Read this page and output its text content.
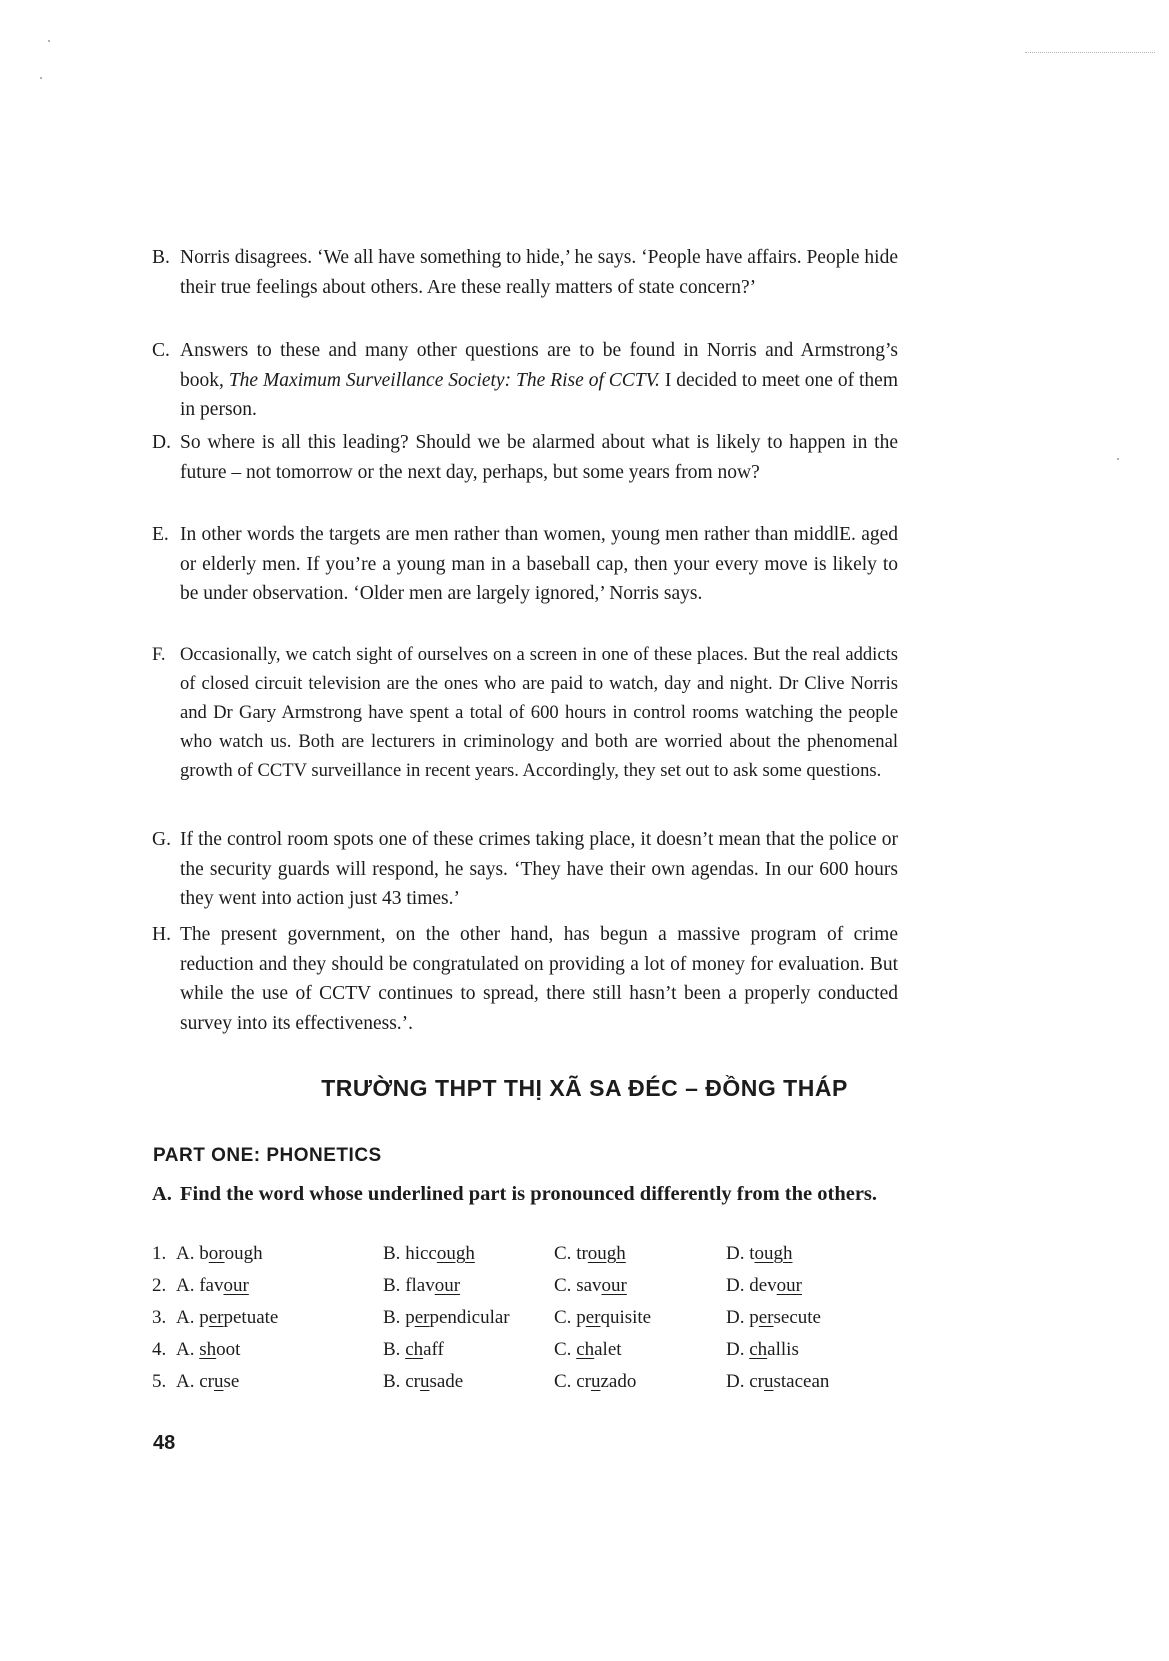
B. Norris disagrees. ‘We all have something to hide,’ he says. ‘People have affairs. People hide their true feelings about others. Are these really matters of state concern?’
C. Answers to these and many other questions are to be found in Norris and Armstrong’s book, The Maximum Surveillance Society: The Rise of CCTV. I decided to meet one of them in person.
D. So where is all this leading? Should we be alarmed about what is likely to happen in the future – not tomorrow or the next day, perhaps, but some years from now?
E. In other words the targets are men rather than women, young men rather than middlE. aged or elderly men. If you’re a young man in a baseball cap, then your every move is likely to be under observation. ‘Older men are largely ignored,’ Norris says.
F. Occasionally, we catch sight of ourselves on a screen in one of these places. But the real addicts of closed circuit television are the ones who are paid to watch, day and night. Dr Clive Norris and Dr Gary Armstrong have spent a total of 600 hours in control rooms watching the people who watch us. Both are lecturers in criminology and both are worried about the phenomenal growth of CCTV surveillance in recent years. Accordingly, they set out to ask some questions.
G. If the control room spots one of these crimes taking place, it doesn’t mean that the police or the security guards will respond, he says. ‘They have their own agendas. In our 600 hours they went into action just 43 times.’
H. The present government, on the other hand, has begun a massive program of crime reduction and they should be congratulated on providing a lot of money for evaluation. But while the use of CCTV continues to spread, there still hasn’t been a properly conducted survey into its effectiveness.’.
TRƯỜNG THPT THỊ XÃ SA ĐÉC – ĐỒNG THÁP
PART ONE: PHONETICS
A. Find the word whose underlined part is pronounced differently from the others.
1. A. borough	B. hiccough	C. trough	D. tough
2. A. favour	B. flavour	C. savour	D. devour
3. A. perpetuate	B. perpendicular C. perquisite	D. persecute
4. A. shoot	B. chaff	C. chalet	D. challis
5. A. cruse	B. crusade	C. cruzado	D. crustacean
48
